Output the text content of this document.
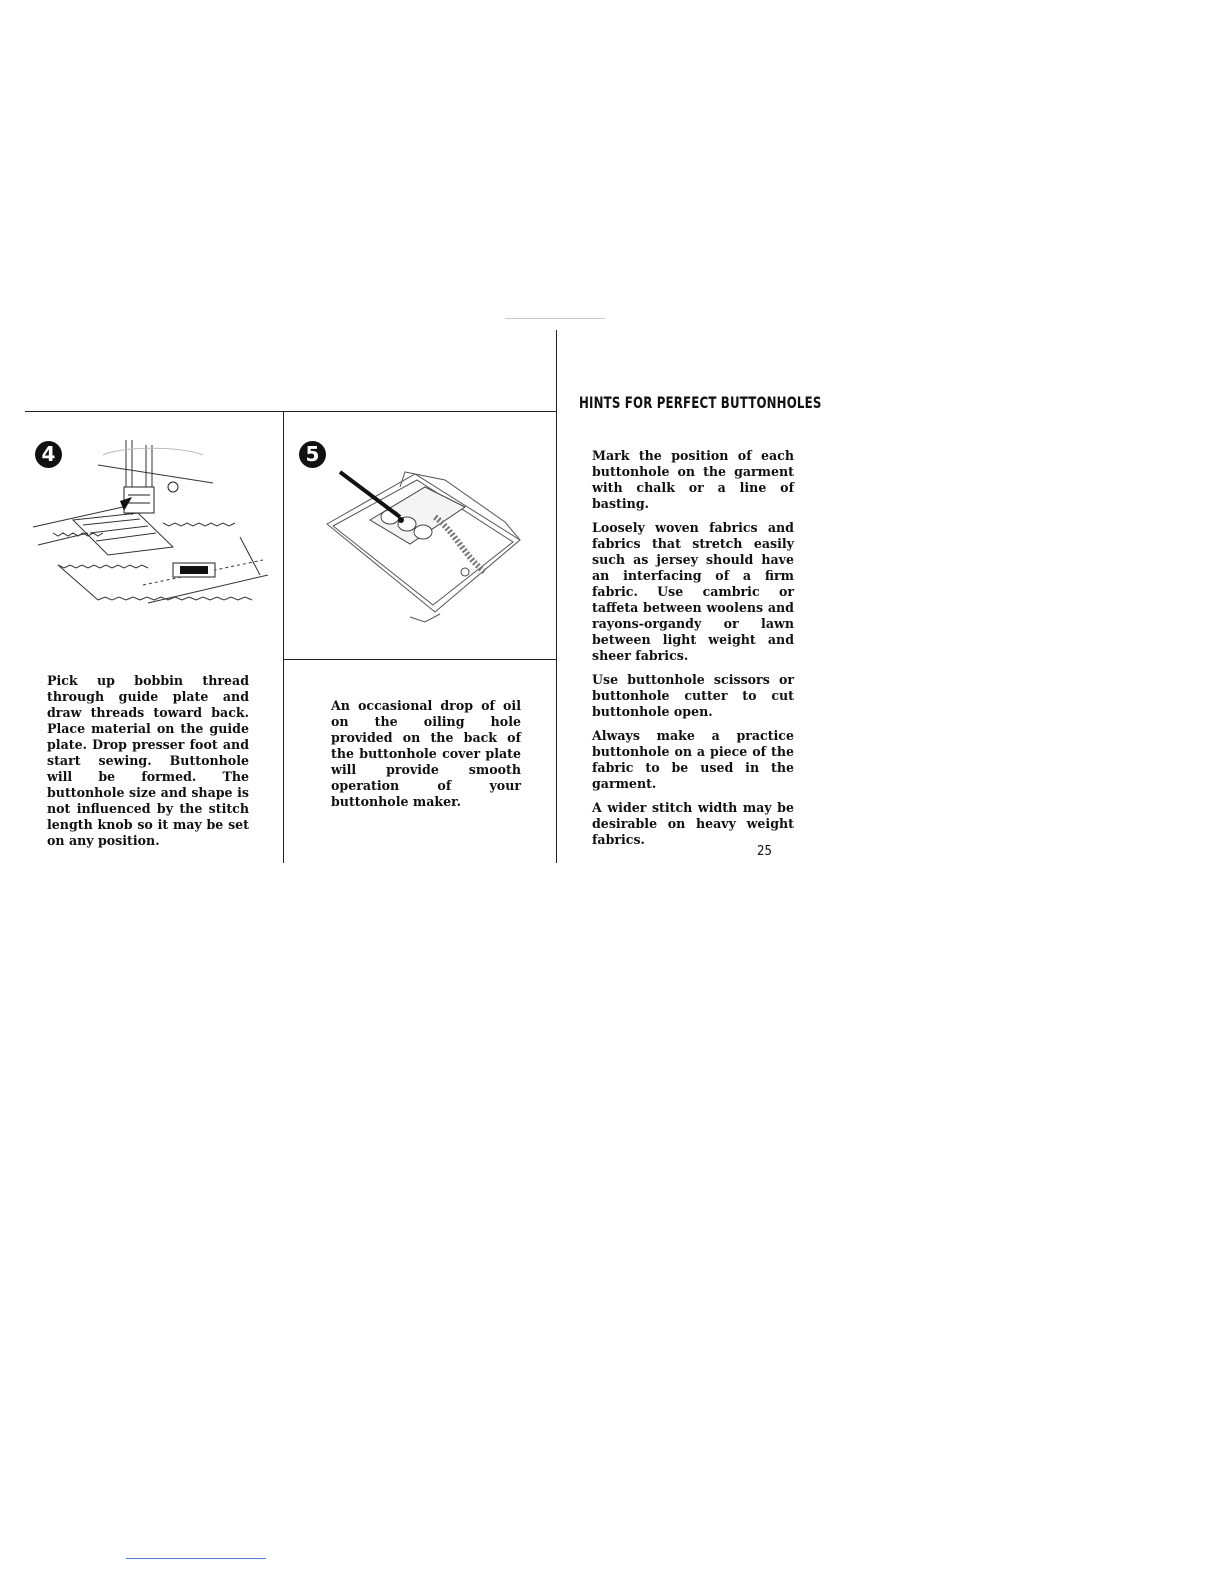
4	5

Pick up bobbin thread through guide plate and draw threads toward back. Place material on the guide plate. Drop presser foot and start sewing. Buttonhole will be formed. The buttonhole size and shape is not influenced by the stitch length knob so it may be set on any position.

An occasional drop of oil on the oiling hole provided on the back of the buttonhole cover plate will provide smooth operation of your buttonhole maker.

HINTS FOR PERFECT BUTTONHOLES

Mark the position of each buttonhole on the garment with chalk or a line of basting.

Loosely woven fabrics and fabrics that stretch easily such as jersey should have an interfacing of a firm fabric. Use cambric or taffeta between woolens and rayons-organdy or lawn between light weight and sheer fabrics.

Use buttonhole scissors or buttonhole cutter to cut buttonhole open.

Always make a practice buttonhole on a piece of the fabric to be used in the garment.

A wider stitch width may be desirable on heavy weight fabrics.

25
